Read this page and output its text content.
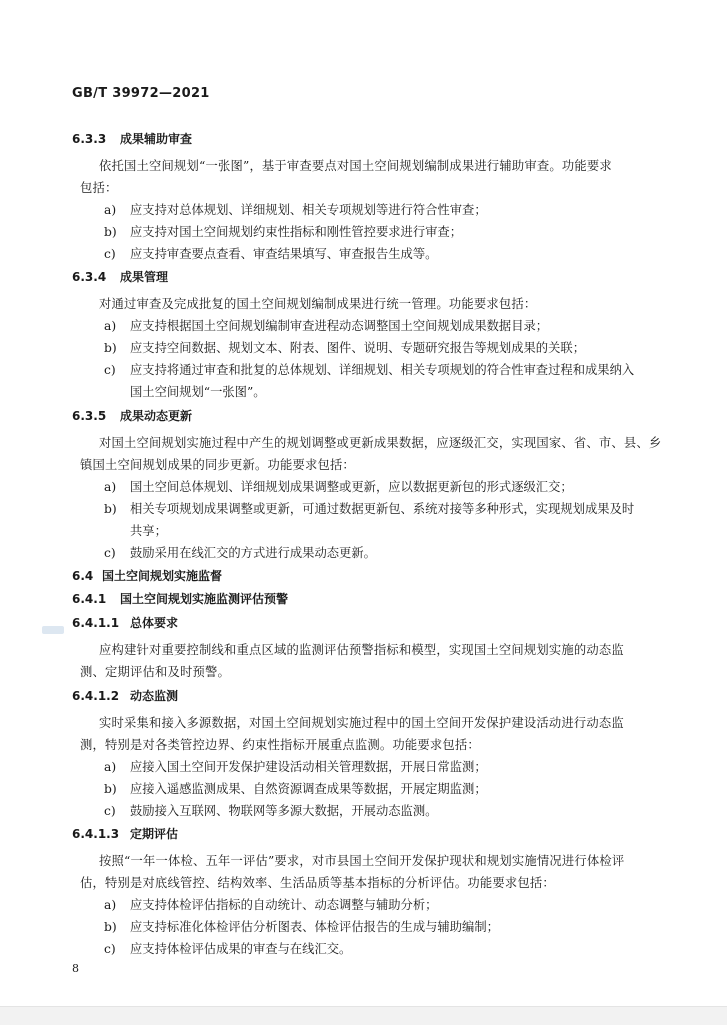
GB/T 39972—2021
6.3.3 成果辅助审查
依托国土空间规划“一张图”，基于审查要点对国土空间规划编制成果进行辅助审查。功能要求
包括：
a) 应支持对总体规划、详细规划、相关专项规划等进行符合性审查；
b) 应支持对国土空间规划约束性指标和刚性管控要求进行审查；
c) 应支持审查要点查看、审查结果填写、审查报告生成等。
6.3.4 成果管理
对通过审查及完成批复的国土空间规划编制成果进行统一管理。功能要求包括：
a) 应支持根据国土空间规划编制审查进程动态调整国土空间规划成果数据目录；
b) 应支持空间数据、规划文本、附表、图件、说明、专题研究报告等规划成果的关联；
c) 应支持将通过审查和批复的总体规划、详细规划、相关专项规划的符合性审查过程和成果纳入
国土空间规划“一张图”。
6.3.5 成果动态更新
对国土空间规划实施过程中产生的规划调整或更新成果数据，应逐级汇交，实现国家、省、市、县、乡
镇国土空间规划成果的同步更新。功能要求包括：
a) 国土空间总体规划、详细规划成果调整或更新，应以数据更新包的形式逐级汇交；
b) 相关专项规划成果调整或更新，可通过数据更新包、系统对接等多种形式，实现规划成果及时
共享；
c) 鼓励采用在线汇交的方式进行成果动态更新。
6.4 国土空间规划实施监督
6.4.1 国土空间规划实施监测评估预警
6.4.1.1 总体要求
应构建针对重要控制线和重点区域的监测评估预警指标和模型，实现国土空间规划实施的动态监
测、定期评估和及时预警。
6.4.1.2 动态监测
实时采集和接入多源数据，对国土空间规划实施过程中的国土空间开发保护建设活动进行动态监
测，特别是对各类管控边界、约束性指标开展重点监测。功能要求包括：
a) 应接入国土空间开发保护建设活动相关管理数据，开展日常监测；
b) 应接入遥感监测成果、自然资源调查成果等数据，开展定期监测；
c) 鼓励接入互联网、物联网等多源大数据，开展动态监测。
6.4.1.3 定期评估
按照“一年一体检、五年一评估”要求，对市县国土空间开发保护现状和规划实施情况进行体检评
估，特别是对底线管控、结构效率、生活品质等基本指标的分析评估。功能要求包括：
a) 应支持体检评估指标的自动统计、动态调整与辅助分析；
b) 应支持标准化体检评估分析图表、体检评估报告的生成与辅助编制；
c) 应支持体检评估成果的审查与在线汇交。
8
